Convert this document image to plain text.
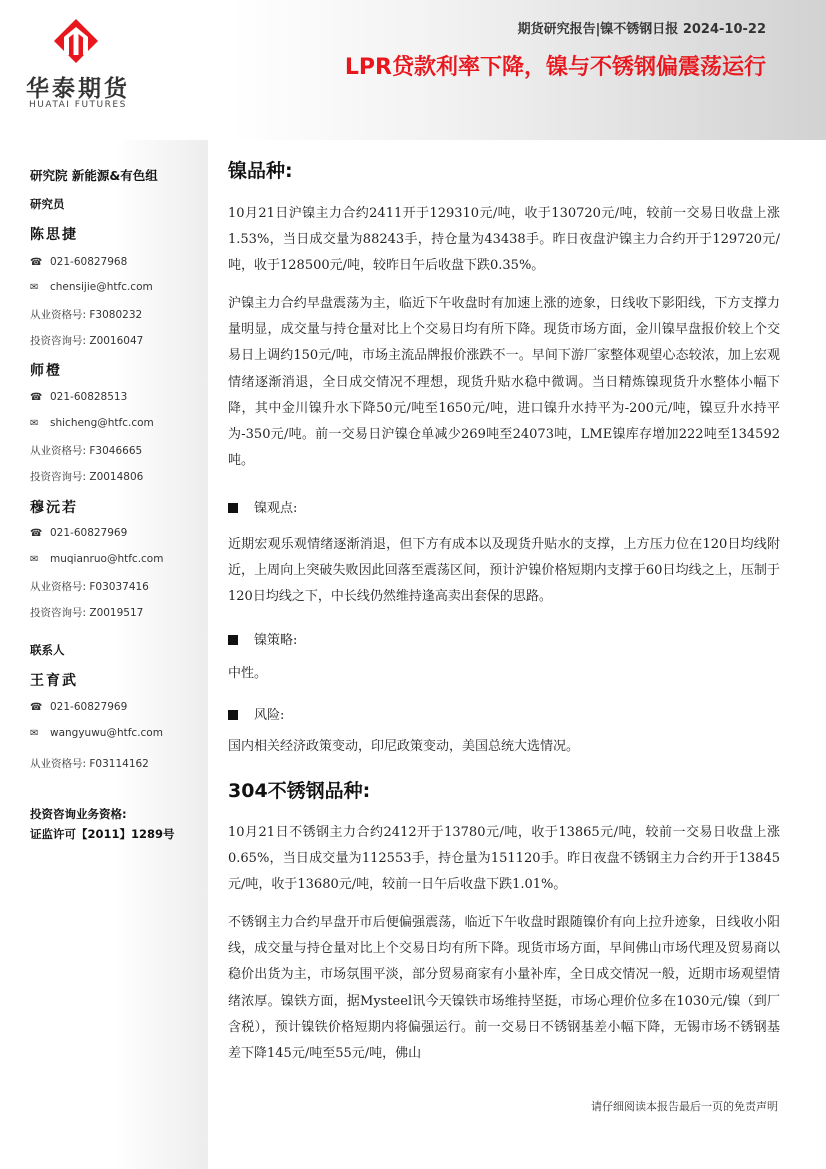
华泰期货
HUATAI FUTURES
期货研究报告|镍不锈钢日报 2024-10-22
LPR贷款利率下降，镍与不锈钢偏震荡运行
研究院 新能源&有色组
研究员
陈思捷
☎ 021-60827968
✉ chensijie@htfc.com
从业资格号: F3080232
投资咨询号: Z0016047
师橙
☎ 021-60828513
✉ shicheng@htfc.com
从业资格号: F3046665
投资咨询号: Z0014806
穆沅若
☎ 021-60827969
✉ muqianruo@htfc.com
从业资格号: F03037416
投资咨询号: Z0019517
联系人
王育武
☎ 021-60827969
✉ wangyuwu@htfc.com
从业资格号: F03114162
投资咨询业务资格:
证监许可【2011】1289号
镍品种:
10月21日沪镍主力合约2411开于129310元/吨，收于130720元/吨，较前一交易日收盘上涨1.53%，当日成交量为88243手，持仓量为43438手。昨日夜盘沪镍主力合约开于129720元/吨，收于128500元/吨，较昨日午后收盘下跌0.35%。
沪镍主力合约早盘震荡为主，临近下午收盘时有加速上涨的迹象，日线收下影阳线，下方支撑力量明显，成交量与持仓量对比上个交易日均有所下降。现货市场方面，金川镍早盘报价较上个交易日上调约150元/吨，市场主流品牌报价涨跌不一。早间下游厂家整体观望心态较浓，加上宏观情绪逐渐消退，全日成交情况不理想，现货升贴水稳中微调。当日精炼镍现货升水整体小幅下降，其中金川镍升水下降50元/吨至1650元/吨，进口镍升水持平为-200元/吨，镍豆升水持平为-350元/吨。前一交易日沪镍仓单减少269吨至24073吨，LME镍库存增加222吨至134592吨。
镍观点:
近期宏观乐观情绪逐渐消退，但下方有成本以及现货升贴水的支撑，上方压力位在120日均线附近，上周向上突破失败因此回落至震荡区间，预计沪镍价格短期内支撑于60日均线之上，压制于120日均线之下，中长线仍然维持逢高卖出套保的思路。
镍策略:
中性。
风险:
国内相关经济政策变动，印尼政策变动，美国总统大选情况。
304不锈钢品种:
10月21日不锈钢主力合约2412开于13780元/吨，收于13865元/吨，较前一交易日收盘上涨0.65%，当日成交量为112553手，持仓量为151120手。昨日夜盘不锈钢主力合约开于13845元/吨，收于13680元/吨，较前一日午后收盘下跌1.01%。
不锈钢主力合约早盘开市后便偏强震荡，临近下午收盘时跟随镍价有向上拉升迹象，日线收小阳线，成交量与持仓量对比上个交易日均有所下降。现货市场方面，早间佛山市场代理及贸易商以稳价出货为主，市场氛围平淡，部分贸易商家有小量补库，全日成交情况一般，近期市场观望情绪浓厚。镍铁方面，据Mysteel讯今天镍铁市场维持坚挺，市场心理价位多在1030元/镍（到厂含税），预计镍铁价格短期内将偏强运行。前一交易日不锈钢基差小幅下降，无锡市场不锈钢基差下降145元/吨至55元/吨，佛山
请仔细阅读本报告最后一页的免责声明
